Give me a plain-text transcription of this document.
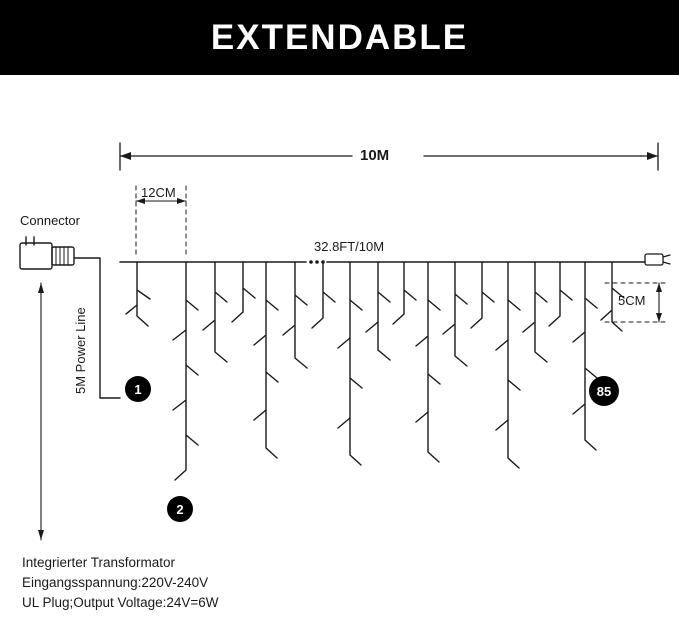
EXTENDABLE
10M
12CM
32.8FT/10M
5CM
Connector
5M Power Line	1
2
85
Integrierter Transformator
Eingangsspannung:220V-240V
UL Plug;Output Voltage:24V=6W
